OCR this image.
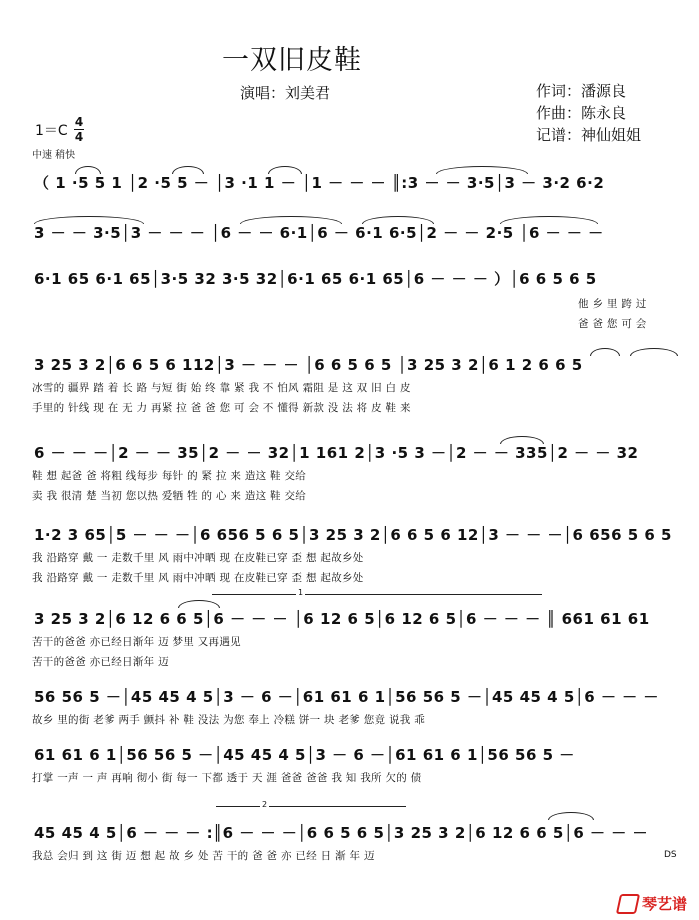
一双旧皮鞋
演唱：刘美君	作词：潘源良
作曲：陈永良
记谱：神仙姐姐
1＝C
4
4
中速 稍快
（ 1 ·5 5 1 │2 ·5 5 － │3 ·1 1 － │1 － － － ║:3 － － 3·5│3 － 3·2 6·2
3 － － 3·5│3 － － － │6 － － 6·1│6 － 6·1 6·5│2 － － 2·5 │6 － － －
6·1 65 6·1 65│3·5 32 3·5 32│6·1 65 6·1 65│6 － － － ）│6 6 5 6 5
他 乡 里 跨 过
爸 爸 您 可 会
3 25 3 2│6 6 5 6 112│3 － － － │6 6 5 6 5 │3 25 3 2│6 1 2 6 6 5
冰雪的 疆界 踏 着 长 路 与短 街 始 终 靠 紧 我 不 怕风 霜阻 是 这 双 旧 白 皮
手里的 针线 现 在 无 力 再紧 拉 爸 爸 您 可 会 不 懂得 新款 没 法 将 皮 鞋 来
6 － － －│2 － － 35│2 － － 32│1 161 2│3 ·5 3 －│2 － － 335│2 － － 32
鞋 想 起爸 爸 将粗 线每步 每针 的 紧 拉 来 造这 鞋 交给
卖 我 很清 楚 当初 您以热 爱牺 牲 的 心 来 造这 鞋 交给
1·2 3 65│5 － － －│6 656 5 6 5│3 25 3 2│6 6 5 6 12│3 － － －│6 656 5 6 5
我 沿路穿 戴 一 走数千里 风 雨中冲晒 现 在皮鞋已穿 歪 想 起故乡处
我 沿路穿 戴 一 走数千里 风 雨中冲晒 现 在皮鞋已穿 歪 想 起故乡处
1
3 25 3 2│6 12 6 6 5│6 － － － │6 12 6 5│6 12 6 5│6 － － － ║ 661 61 61
苦干的爸爸 亦已经日渐年 迈 梦里 又再遇见
苦干的爸爸 亦已经日渐年 迈
56 56 5 －│45 45 4 5│3 － 6 －│61 61 6 1│56 56 5 －│45 45 4 5│6 － － －
故乡 里的街 老爹 两手 颤抖 补 鞋 没法 为您 奉上 冷糕 饼一 块 老爹 您竟 说我 乖
61 61 6 1│56 56 5 －│45 45 4 5│3 － 6 －│61 61 6 1│56 56 5 －
打掌 一声 一 声 再响 彻小 街 每一 下都 透于 天 涯 爸爸 爸爸 我 知 我所 欠的 债
2
45 45 4 5│6 － － － :║6 － － －│6 6 5 6 5│3 25 3 2│6 12 6 6 5│6 － － －
我总 会归 到 这 街 迈 想 起 故 乡 处 苦 干的 爸 爸 亦 已经 日 渐 年 迈	DS
琴艺谱
